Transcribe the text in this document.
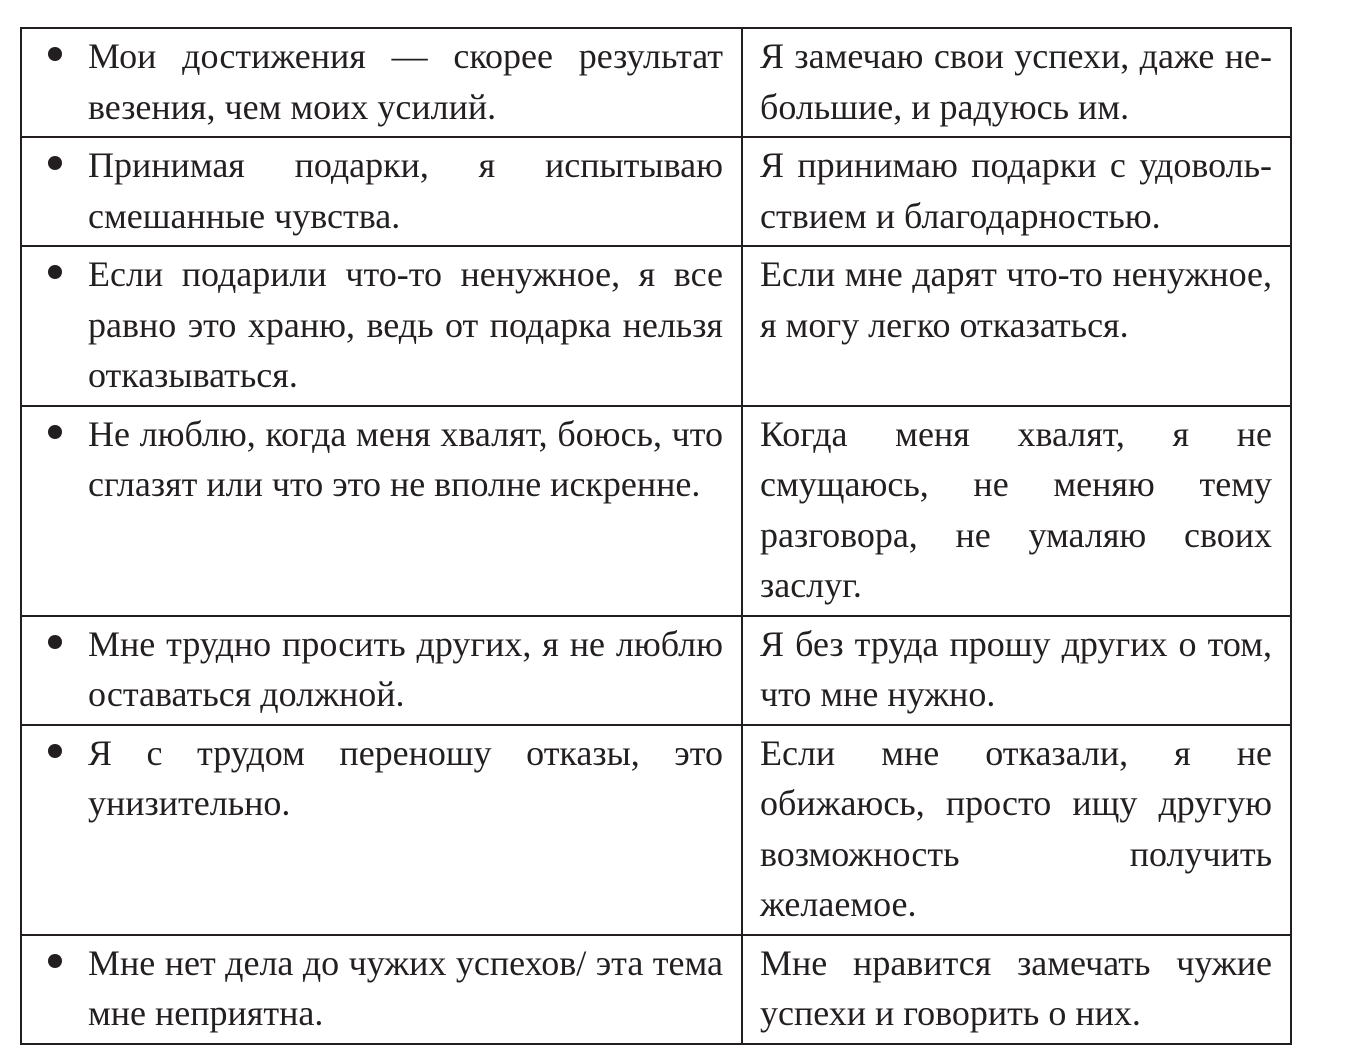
Мои достижения — скорее результат везения, чем моих усилий.	Я замечаю свои успехи, даже небольшие, и радуюсь им.

Принимая подарки, я испытываю смешанные чувства.	Я принимаю подарки с удовольствием и благодарностью.

Если подарили что-то ненужное, я все равно это храню, ведь от подарка нельзя отказываться.	Если мне дарят что-то ненужное, я могу легко отказаться.

Не люблю, когда меня хвалят, боюсь, что сглазят или что это не вполне искренне.	Когда меня хвалят, я не смущаюсь, не меняю тему разговора, не умаляю своих заслуг.

Мне трудно просить других, я не люблю оставаться должной.	Я без труда прошу других о том, что мне нужно.

Я с трудом переношу отказы, это унизительно.	Если мне отказали, я не обижаюсь, просто ищу другую возможность получить желаемое.

Мне нет дела до чужих успехов/ эта тема мне неприятна.	Мне нравится замечать чужие успехи и говорить о них.
